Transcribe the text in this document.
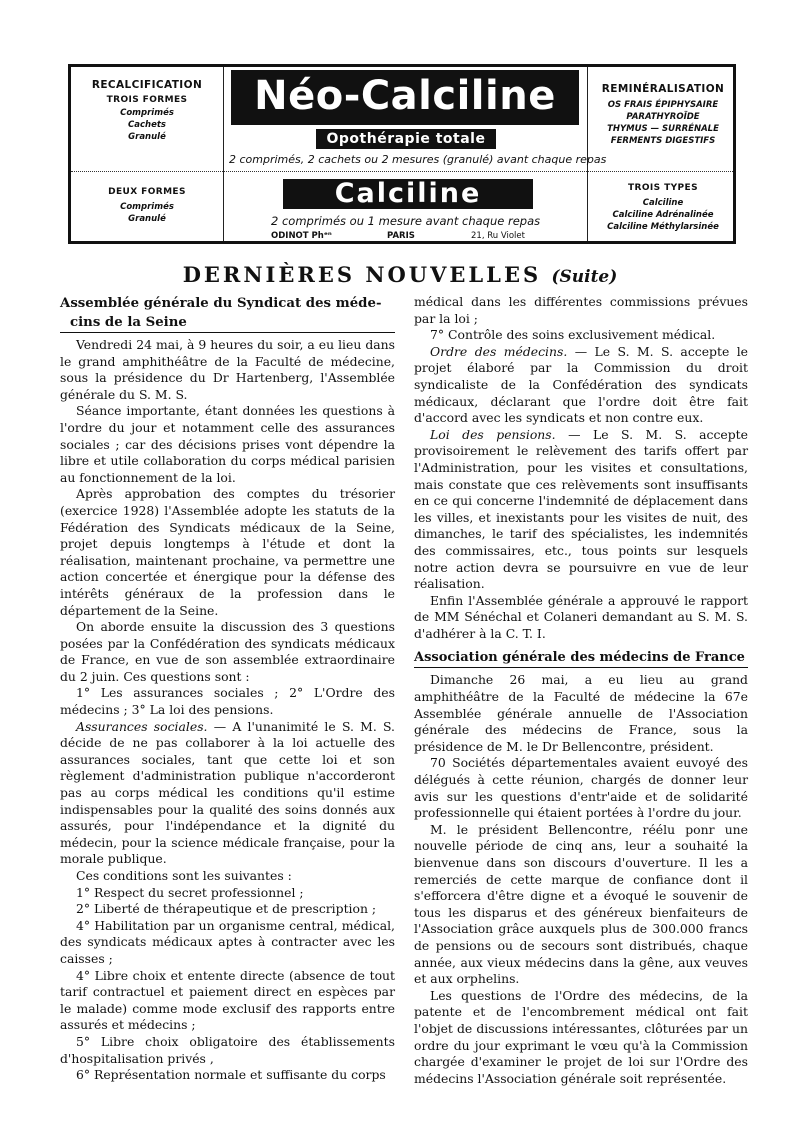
RECALCIFICATION
TROIS FORMES
Comprimés
Cachets
Granulé
DEUX FORMES
Comprimés
Granulé
Néo-Calciline
Opothérapie totale
2 comprimés, 2 cachets ou 2 mesures (granulé) avant chaque repas
Calciline
2 comprimés ou 1 mesure avant chaque repas
ODINOT Phᵉⁿ	PARIS	21, Ru Violet
REMINÉRALISATION
OS FRAIS ÉPIPHYSAIRE
PARATHYROÏDE
THYMUS — SURRÉNALE
FERMENTS DIGESTIFS
TROIS TYPES
Calciline
Calciline Adrénalinée
Calciline Méthylarsinée
DERNIÈRES NOUVELLES (Suite)
Assemblée générale du Syndicat des méde-
cins de la Seine

Vendredi 24 mai, à 9 heures du soir, a eu lieu dans le grand amphithéâtre de la Faculté de médecine, sous la présidence du Dr Hartenberg, l'Assemblée générale du S. M. S.

Séance importante, étant données les questions à l'ordre du jour et notamment celle des assurances sociales ; car des décisions prises vont dépendre la libre et utile collaboration du corps médical parisien au fonctionnement de la loi.

Après approbation des comptes du trésorier (exercice 1928) l'Assemblée adopte les statuts de la Fédération des Syndicats médicaux de la Seine, projet depuis longtemps à l'étude et dont la réalisation, maintenant prochaine, va permettre une action concertée et énergique pour la défense des intérêts généraux de la profession dans le département de la Seine.

On aborde ensuite la discussion des 3 questions posées par la Confédération des syndicats médicaux de France, en vue de son assemblée extraordinaire du 2 juin. Ces questions sont :

1° Les assurances sociales ; 2° L'Ordre des médecins ; 3° La loi des pensions.

Assurances sociales. — A l'unanimité le S. M. S. décide de ne pas collaborer à la loi actuelle des assurances sociales, tant que cette loi et son règlement d'administration publique n'accorderont pas au corps médical les conditions qu'il estime indispensables pour la qualité des soins donnés aux assurés, pour l'indépendance et la dignité du médecin, pour la science médicale française, pour la morale publique.

Ces conditions sont les suivantes :

1° Respect du secret professionnel ;

2° Liberté de thérapeutique et de prescription ;

4° Habilitation par un organisme central, médical, des syndicats médicaux aptes à contracter avec les caisses ;

4° Libre choix et entente directe (absence de tout tarif contractuel et paiement direct en espèces par le malade) comme mode exclusif des rapports entre assurés et médecins ;

5° Libre choix obligatoire des établissements d'hospitalisation privés ,

6° Représentation normale et suffisante du corps

médical dans les différentes commissions prévues par la loi ;

7° Contrôle des soins exclusivement médical.

Ordre des médecins. — Le S. M. S. accepte le projet élaboré par la Commission du droit syndicaliste de la Confédération des syndicats médicaux, déclarant que l'ordre doit être fait d'accord avec les syndicats et non contre eux.

Loi des pensions. — Le S. M. S. accepte provisoirement le relèvement des tarifs offert par l'Administration, pour les visites et consultations, mais constate que ces relèvements sont insuffisants en ce qui concerne l'indemnité de déplacement dans les villes, et inexistants pour les visites de nuit, des dimanches, le tarif des spécialistes, les indemnités des commissaires, etc., tous points sur lesquels notre action devra se poursuivre en vue de leur réalisation.

Enfin l'Assemblée générale a approuvé le rapport de MM Sénéchal et Colaneri demandant au S. M. S. d'adhérer à la C. T. I.

Association générale des médecins de France

Dimanche 26 mai, a eu lieu au grand amphithéâtre de la Faculté de médecine la 67e Assemblée générale annuelle de l'Association générale des médecins de France, sous la présidence de M. le Dr Bellencontre, président.

70 Sociétés départementales avaient euvoyé des délégués à cette réunion, chargés de donner leur avis sur les questions d'entr'aide et de solidarité professionnelle qui étaient portées à l'ordre du jour.

M. le président Bellencontre, réélu ponr une nouvelle période de cinq ans, leur a souhaité la bienvenue dans son discours d'ouverture. Il les a remerciés de cette marque de confiance dont il s'efforcera d'être digne et a évoqué le souvenir de tous les disparus et des généreux bienfaiteurs de l'Association grâce auxquels plus de 300.000 francs de pensions ou de secours sont distribués, chaque année, aux vieux médecins dans la gêne, aux veuves et aux orphelins.

Les questions de l'Ordre des médecins, de la patente et de l'encombrement médical ont fait l'objet de discussions intéressantes, clôturées par un ordre du jour exprimant le vœu qu'à la Commission chargée d'examiner le projet de loi sur l'Ordre des médecins l'Association générale soit représentée.
